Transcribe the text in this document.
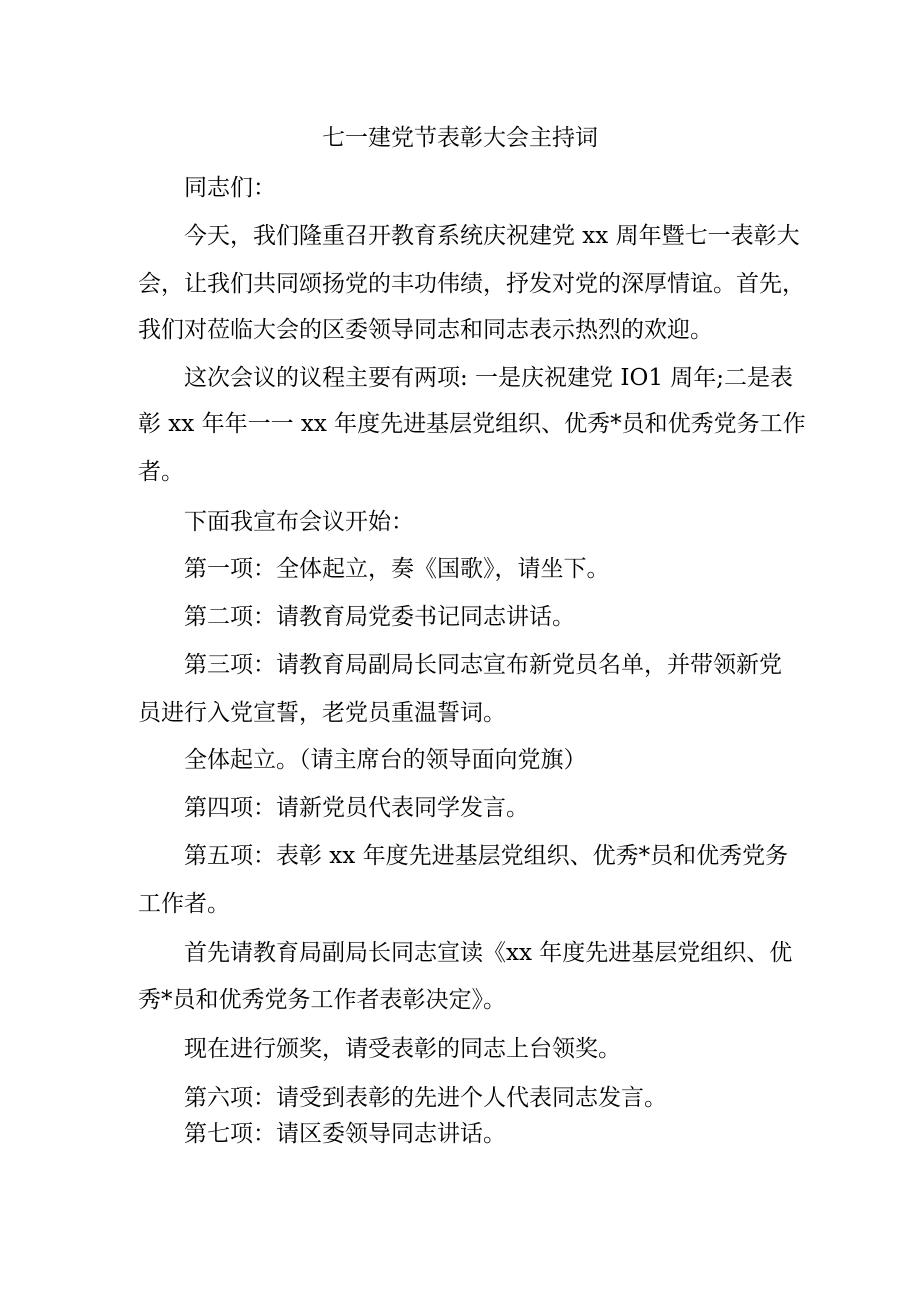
七一建党节表彰大会主持词
同志们：
今天，我们隆重召开教育系统庆祝建党 xx 周年暨七一表彰大
会，让我们共同颂扬党的丰功伟绩，抒发对党的深厚情谊。首先，
我们对莅临大会的区委领导同志和同志表示热烈的欢迎。
这次会议的议程主要有两项: 一是庆祝建党 IO1 周年;二是表
彰 xx 年年一一 xx 年度先进基层党组织、优秀*员和优秀党务工作
者。
下面我宣布会议开始：
第一项：全体起立，奏《国歌》，请坐下。
第二项：请教育局党委书记同志讲话。
第三项：请教育局副局长同志宣布新党员名单，并带领新党
员进行入党宣誓，老党员重温誓词。
全体起立。（请主席台的领导面向党旗）
第四项：请新党员代表同学发言。
第五项：表彰 xx 年度先进基层党组织、优秀*员和优秀党务
工作者。
首先请教育局副局长同志宣读《xx 年度先进基层党组织、优
秀*员和优秀党务工作者表彰决定》。
现在进行颁奖，请受表彰的同志上台领奖。
第六项：请受到表彰的先进个人代表同志发言。
第七项：请区委领导同志讲话。
